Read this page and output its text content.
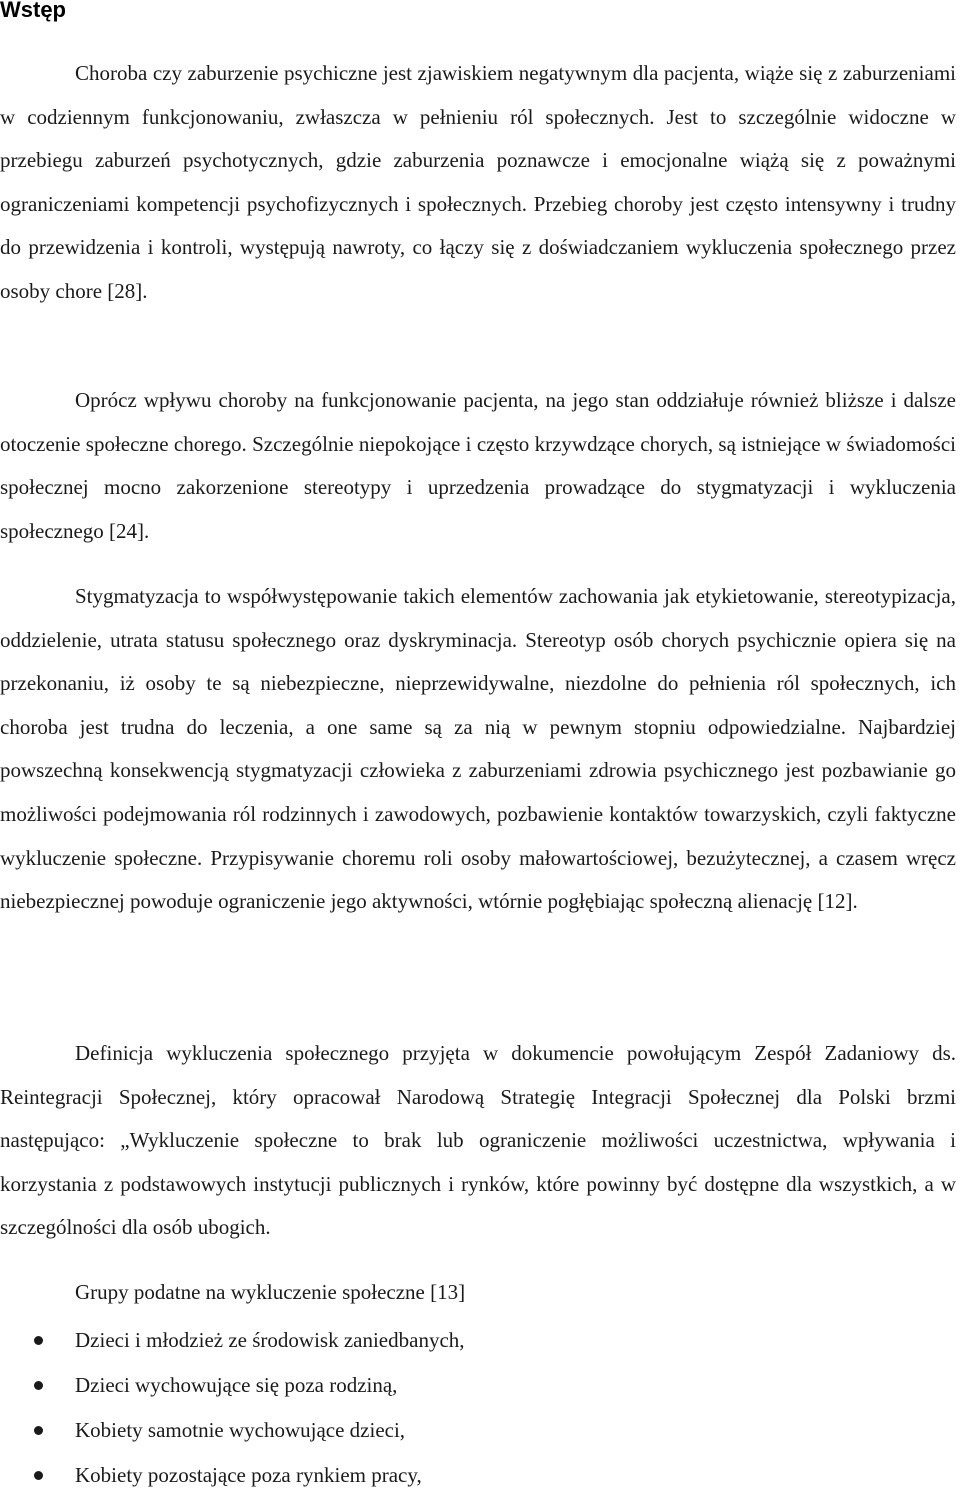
Wstęp

Choroba czy zaburzenie psychiczne jest zjawiskiem negatywnym dla pacjenta, wiąże się z zaburzeniami w codziennym funkcjonowaniu, zwłaszcza w pełnieniu ról społecznych. Jest to szczególnie widoczne w przebiegu zaburzeń psychotycznych, gdzie zaburzenia poznawcze i emocjonalne wiążą się z poważnymi ograniczeniami kompetencji psychofizycznych i społecznych. Przebieg choroby jest często intensywny i trudny do przewidzenia i kontroli, występują nawroty, co łączy się z doświadczaniem wykluczenia społecznego przez osoby chore [28].

Oprócz wpływu choroby na funkcjonowanie pacjenta, na jego stan oddziałuje również bliższe i dalsze otoczenie społeczne chorego. Szczególnie niepokojące i często krzywdzące chorych, są istniejące w świadomości społecznej mocno zakorzenione stereotypy i uprzedzenia prowadzące do stygmatyzacji i wykluczenia społecznego [24].

Stygmatyzacja to współwystępowanie takich elementów zachowania jak etykietowanie, stereotypizacja, oddzielenie, utrata statusu społecznego oraz dyskryminacja. Stereotyp osób chorych psychicznie opiera się na przekonaniu, iż osoby te są niebezpieczne, nieprzewidywalne, niezdolne do pełnienia ról społecznych, ich choroba jest trudna do leczenia, a one same są za nią w pewnym stopniu odpowiedzialne. Najbardziej powszechną konsekwencją stygmatyzacji człowieka z zaburzeniami zdrowia psychicznego jest pozbawianie go możliwości podejmowania ról rodzinnych i zawodowych, pozbawienie kontaktów towarzyskich, czyli faktyczne wykluczenie społeczne. Przypisywanie choremu roli osoby małowartościowej, bezużytecznej, a czasem wręcz niebezpiecznej powoduje ograniczenie jego aktywności, wtórnie pogłębiając społeczną alienację [12].

Definicja wykluczenia społecznego przyjęta w dokumencie powołującym Zespół Zadaniowy ds. Reintegracji Społecznej, który opracował Narodową Strategię Integracji Społecznej dla Polski brzmi następująco: „Wykluczenie społeczne to brak lub ograniczenie możliwości uczestnictwa, wpływania i korzystania z podstawowych instytucji publicznych i rynków, które powinny być dostępne dla wszystkich, a w szczególności dla osób ubogich.

Grupy podatne na wykluczenie społeczne [13]

Dzieci i młodzież ze środowisk zaniedbanych,
Dzieci wychowujące się poza rodziną,
Kobiety samotnie wychowujące dzieci,
Kobiety pozostające poza rynkiem pracy,
